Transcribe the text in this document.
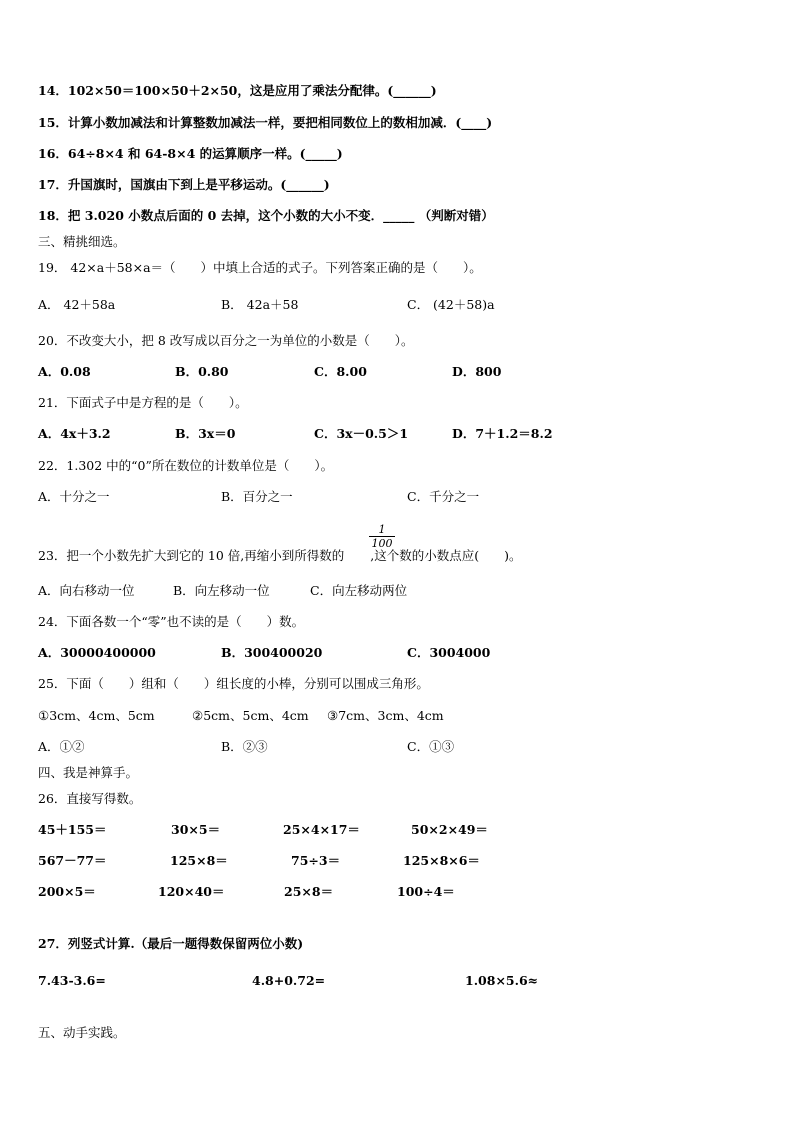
14．102×50＝100×50＋2×50，这是应用了乘法分配律。(______)
15．计算小数加减法和计算整数加减法一样，要把相同数位上的数相加减．(____)
16．64÷8×4 和 64-8×4 的运算顺序一样。(_____)
17．升国旗时，国旗由下到上是平移运动。(______)
18．把 3.020 小数点后面的 0 去掉，这个小数的大小不变．_____ （判断对错）
三、精挑细选。
19． 42×a＋58×a＝（　　）中填上合适的式子。下列答案正确的是（　　）。
A． 42＋58a	B． 42a＋58	C． (42＋58)a
20．不改变大小，把 8 改写成以百分之一为单位的小数是（　　）。
A．0.08	B．0.80	C．8.00	D．800
21．下面式子中是方程的是（　　）。
A．4x＋3.2	B．3x＝0	C．3x－0.5＞1	D．7＋1.2＝8.2
22．1.302 中的“0”所在数位的计数单位是（　　）。
A．十分之一	B．百分之一	C．千分之一
23．把一个小数先扩大到它的 10 倍,再缩小到所得数的 ,这个数的小数点应(　　)。
$\frac{1}{100}$
A．向右移动一位	B．向左移动一位	C．向左移动两位
24．下面各数一个“零”也不读的是（　　）数。
A．30000400000	B．300400020	C．3004000
25．下面（　　）组和（　　）组长度的小棒，分别可以围成三角形。
①3cm、4cm、5cm	②5cm、5cm、4cm ③7cm、3cm、4cm
A．①②	B．②③	C．①③
四、我是神算手。
26．直接写得数。
45＋155＝	30×5＝	25×4×17＝	50×2×49＝
567－77＝	125×8＝	75÷3＝	125×8×6＝
200×5＝	120×40＝	25×8＝	100÷4＝
27．列竖式计算.（最后一题得数保留两位小数)
7.43-3.6=	4.8+0.72=	1.08×5.6≈
五、动手实践。
